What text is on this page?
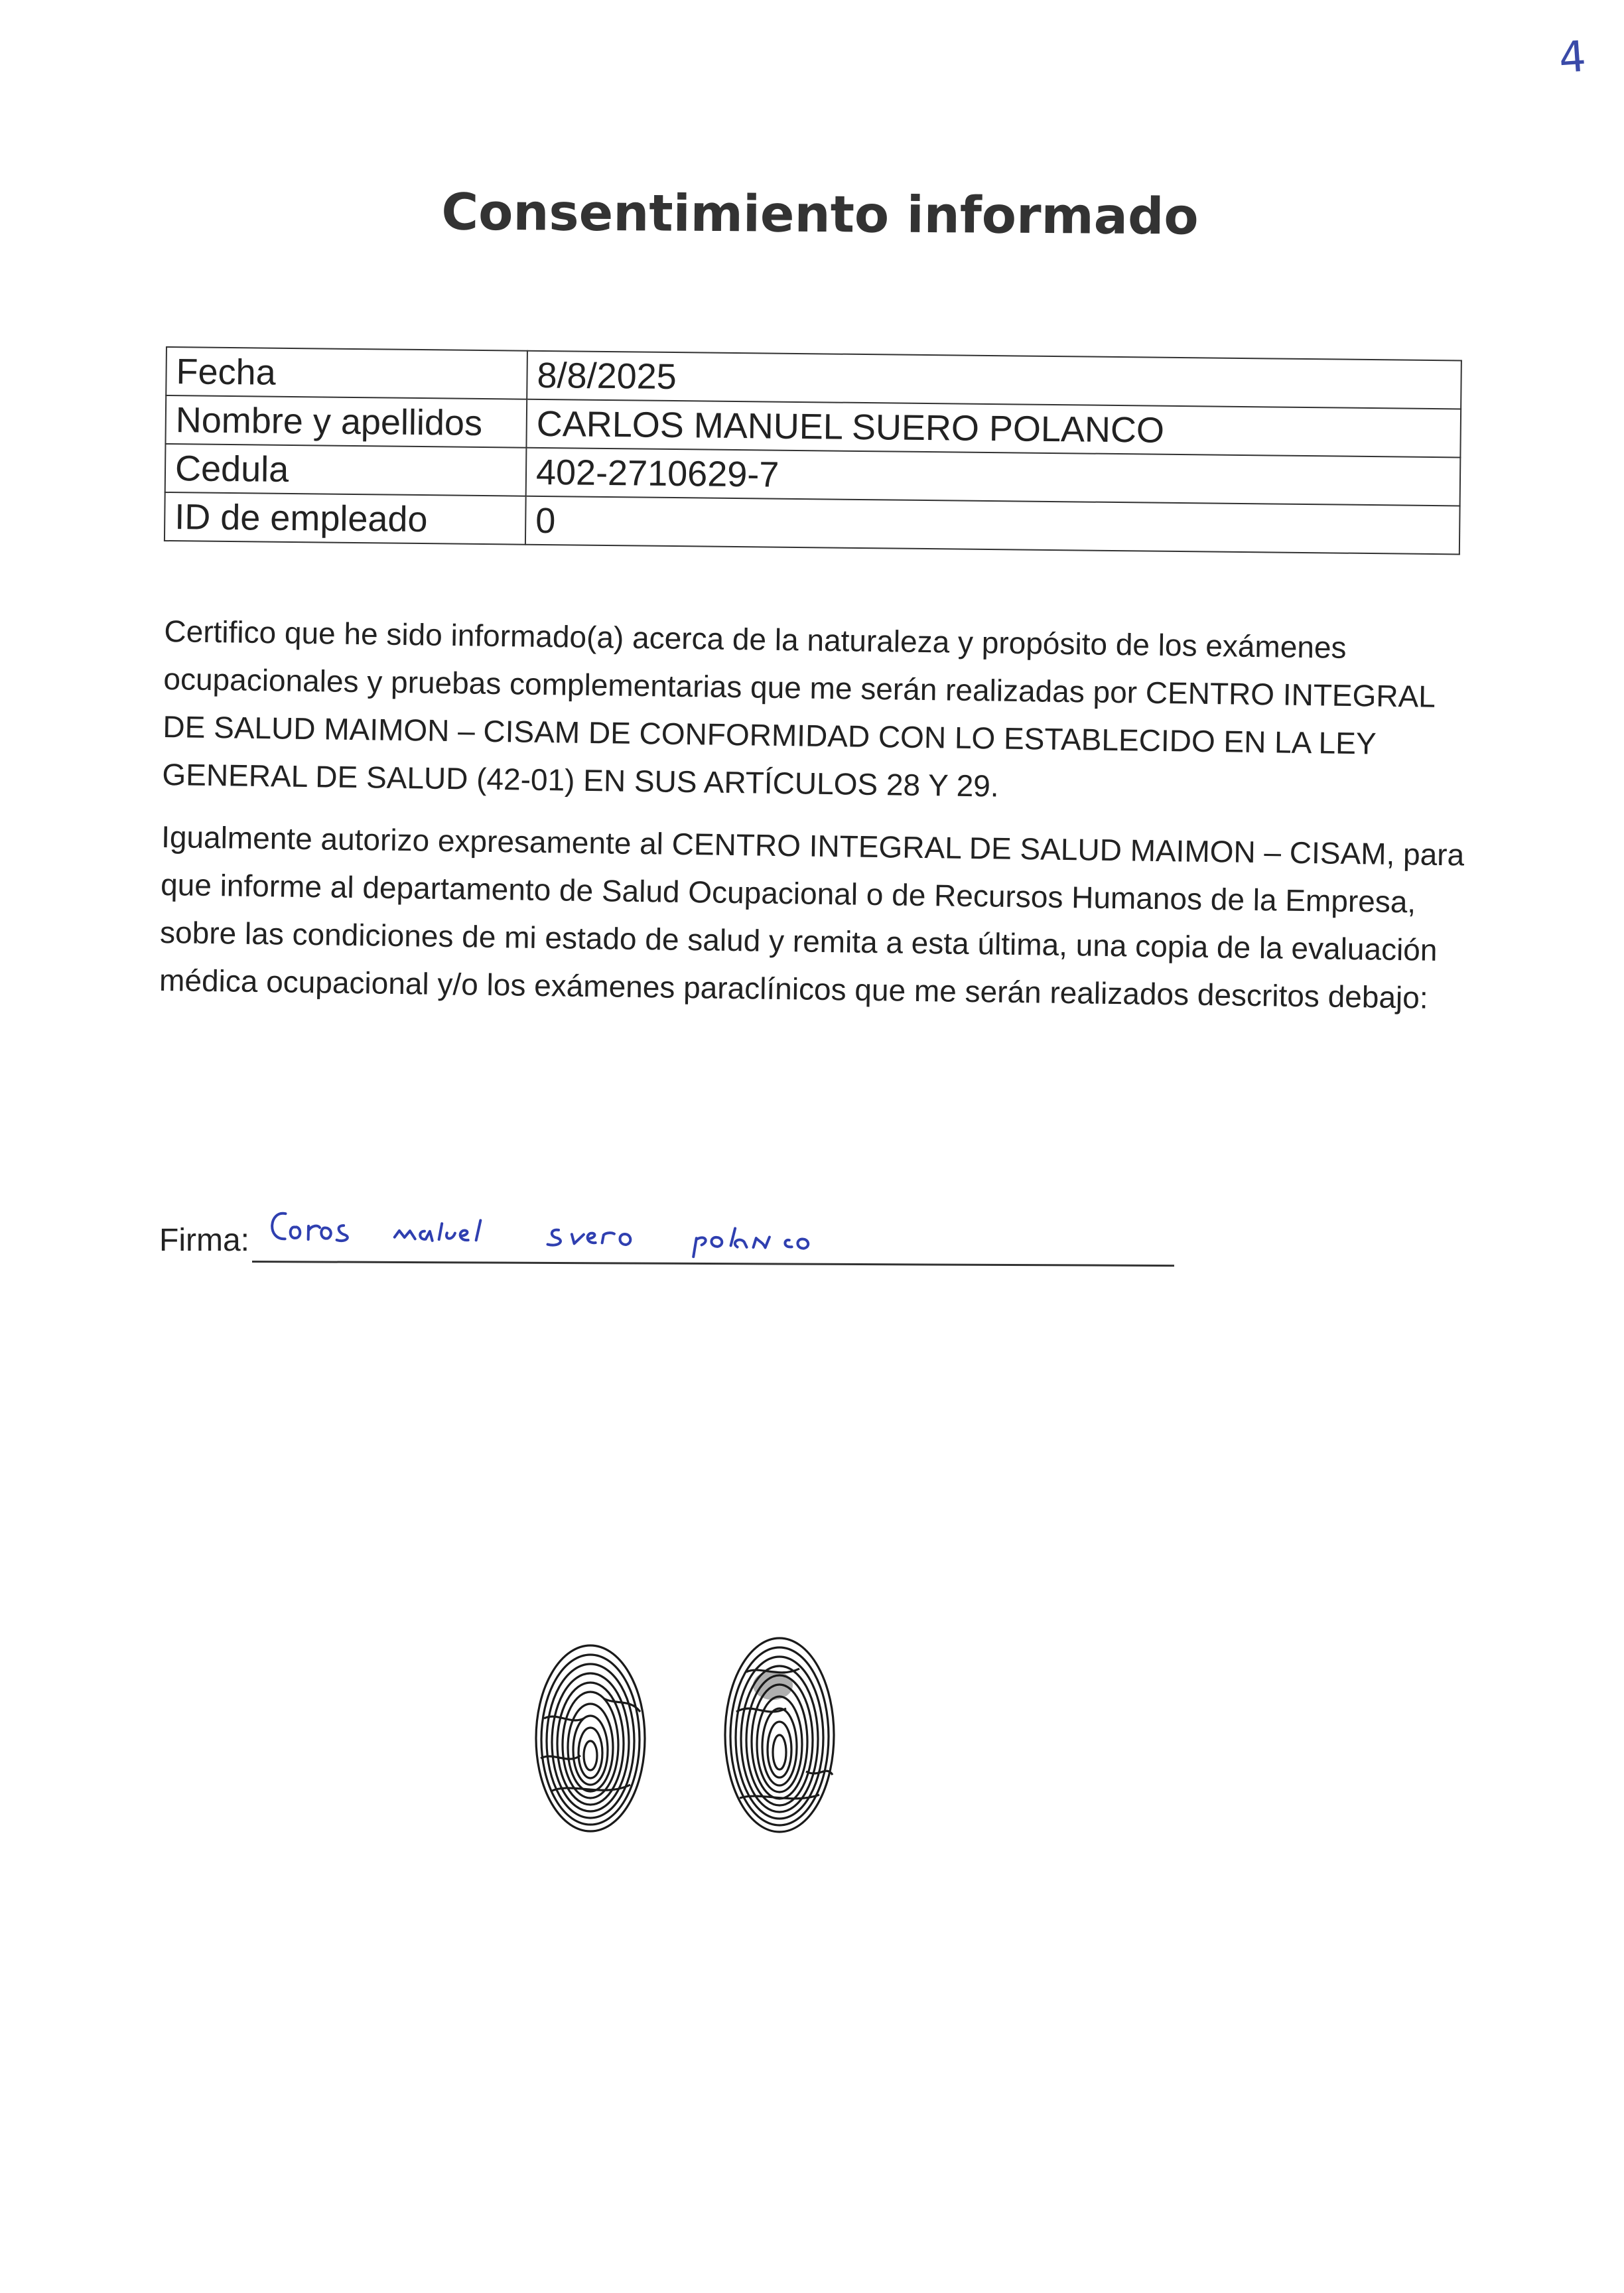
4
Consentimiento informado
Fecha	8/8/2025
Nombre y apellidos	CARLOS MANUEL SUERO POLANCO
Cedula	402-2710629-7
ID de empleado	0

Certifico que he sido informado(a) acerca de la naturaleza y propósito de los exámenes ocupacionales y pruebas complementarias que me serán realizadas por CENTRO INTEGRAL DE SALUD MAIMON – CISAM DE CONFORMIDAD CON LO ESTABLECIDO EN LA LEY GENERAL DE SALUD (42-01) EN SUS ARTÍCULOS 28 Y 29.

Igualmente autorizo expresamente al CENTRO INTEGRAL DE SALUD MAIMON – CISAM, para que informe al departamento de Salud Ocupacional o de Recursos Humanos de la Empresa, sobre las condiciones de mi estado de salud y remita a esta última, una copia de la evaluación médica ocupacional y/o los exámenes paraclínicos que me serán realizados descritos debajo:

Firma:
